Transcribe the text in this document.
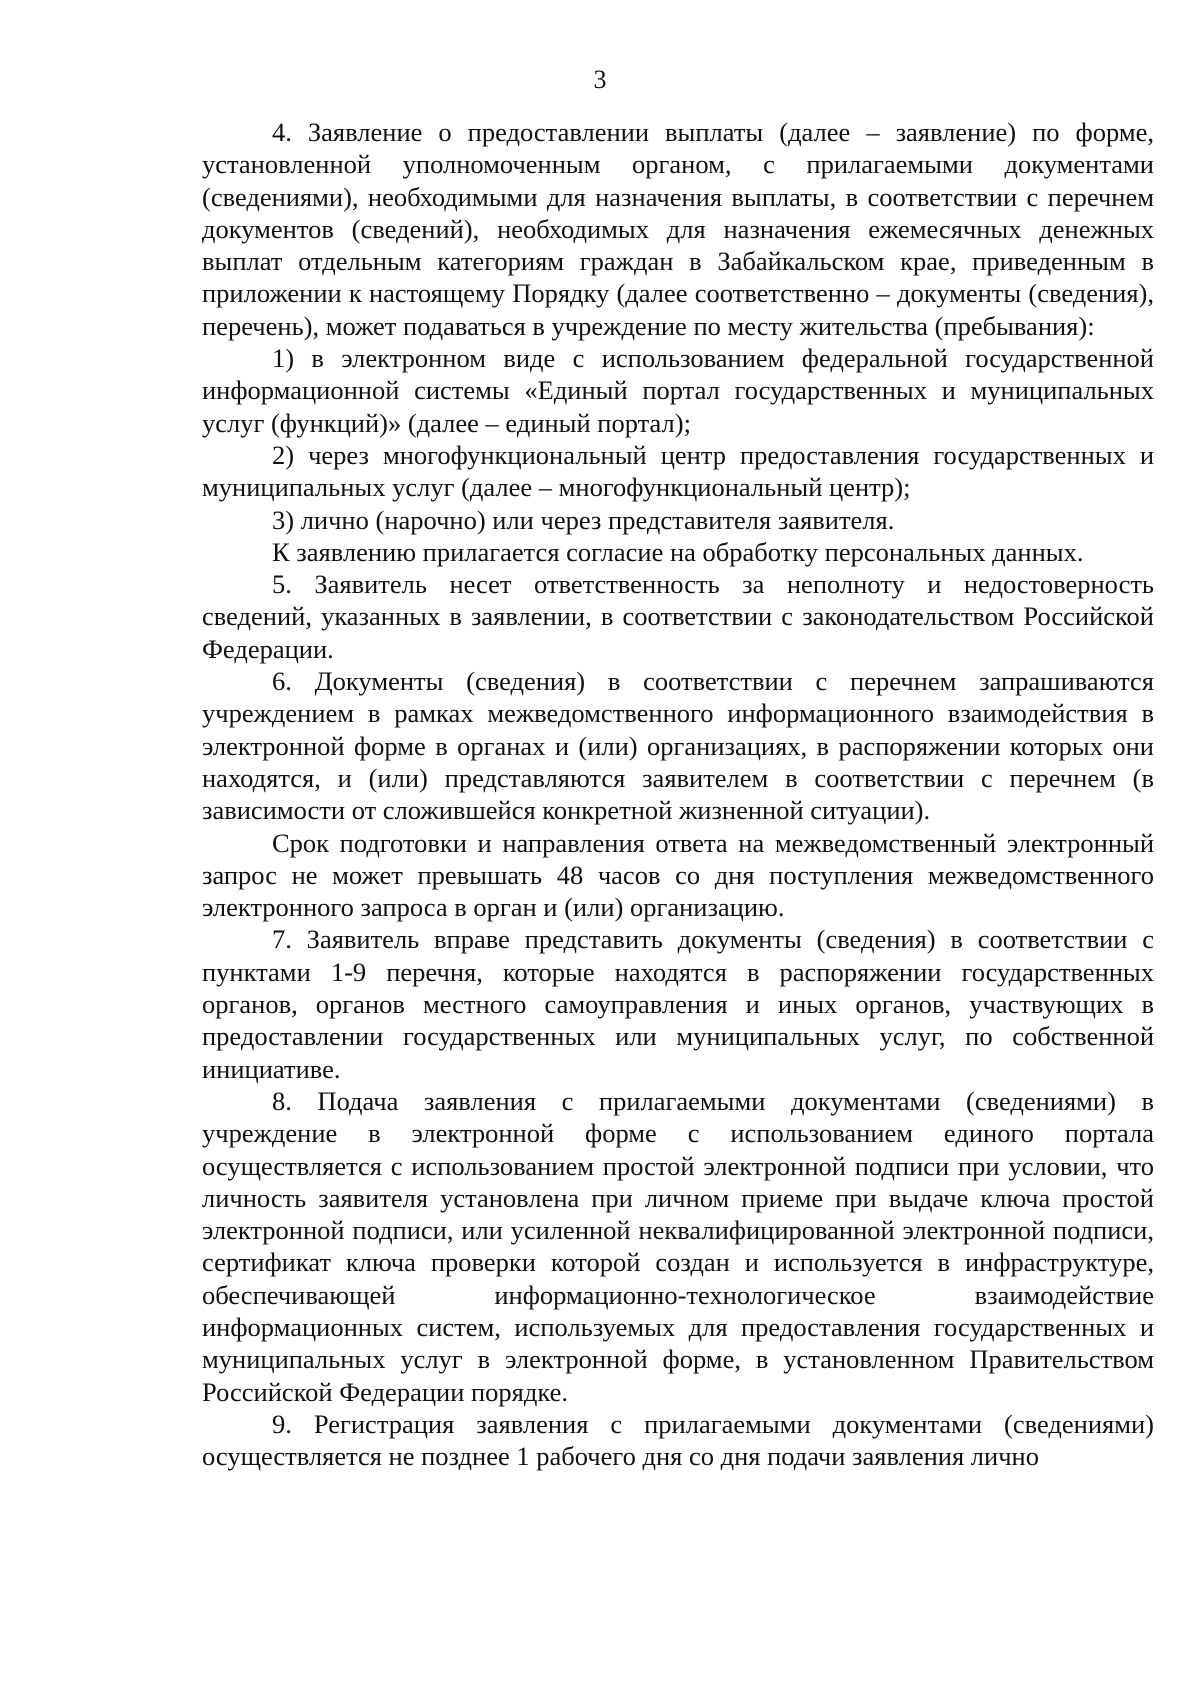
3

4. Заявление о предоставлении выплаты (далее – заявление) по форме, установленной уполномоченным органом, с прилагаемыми документами (сведениями), необходимыми для назначения выплаты, в соответствии с перечнем документов (сведений), необходимых для назначения ежемесячных денежных выплат отдельным категориям граждан в Забайкальском крае, приведенным в приложении к настоящему Порядку (далее соответственно – документы (сведения), перечень), может подаваться в учреждение по месту жительства (пребывания):

1) в электронном виде с использованием федеральной государственной информационной системы «Единый портал государственных и муниципальных услуг (функций)» (далее – единый портал);

2) через многофункциональный центр предоставления государственных и муниципальных услуг (далее – многофункциональный центр);

3) лично (нарочно) или через представителя заявителя.

К заявлению прилагается согласие на обработку персональных данных.

5. Заявитель несет ответственность за неполноту и недостоверность сведений, указанных в заявлении, в соответствии с законодательством Российской Федерации.

6. Документы (сведения) в соответствии с перечнем запрашиваются учреждением в рамках межведомственного информационного взаимодействия в электронной форме в органах и (или) организациях, в распоряжении которых они находятся, и (или) представляются заявителем в соответствии с перечнем (в зависимости от сложившейся конкретной жизненной ситуации).

Срок подготовки и направления ответа на межведомственный электронный запрос не может превышать 48 часов со дня поступления межведомственного электронного запроса в орган и (или) организацию.

7. Заявитель вправе представить документы (сведения) в соответствии с пунктами 1-9 перечня, которые находятся в распоряжении государственных органов, органов местного самоуправления и иных органов, участвующих в предоставлении государственных или муниципальных услуг, по собственной инициативе.

8. Подача заявления с прилагаемыми документами (сведениями) в учреждение в электронной форме с использованием единого портала осуществляется с использованием простой электронной подписи при условии, что личность заявителя установлена при личном приеме при выдаче ключа простой электронной подписи, или усиленной неквалифицированной электронной подписи, сертификат ключа проверки которой создан и используется в инфраструктуре, обеспечивающей информационно-технологическое взаимодействие информационных систем, используемых для предоставления государственных и муниципальных услуг в электронной форме, в установленном Правительством Российской Федерации порядке.

9. Регистрация заявления с прилагаемыми документами (сведениями) осуществляется не позднее 1 рабочего дня со дня подачи заявления лично
